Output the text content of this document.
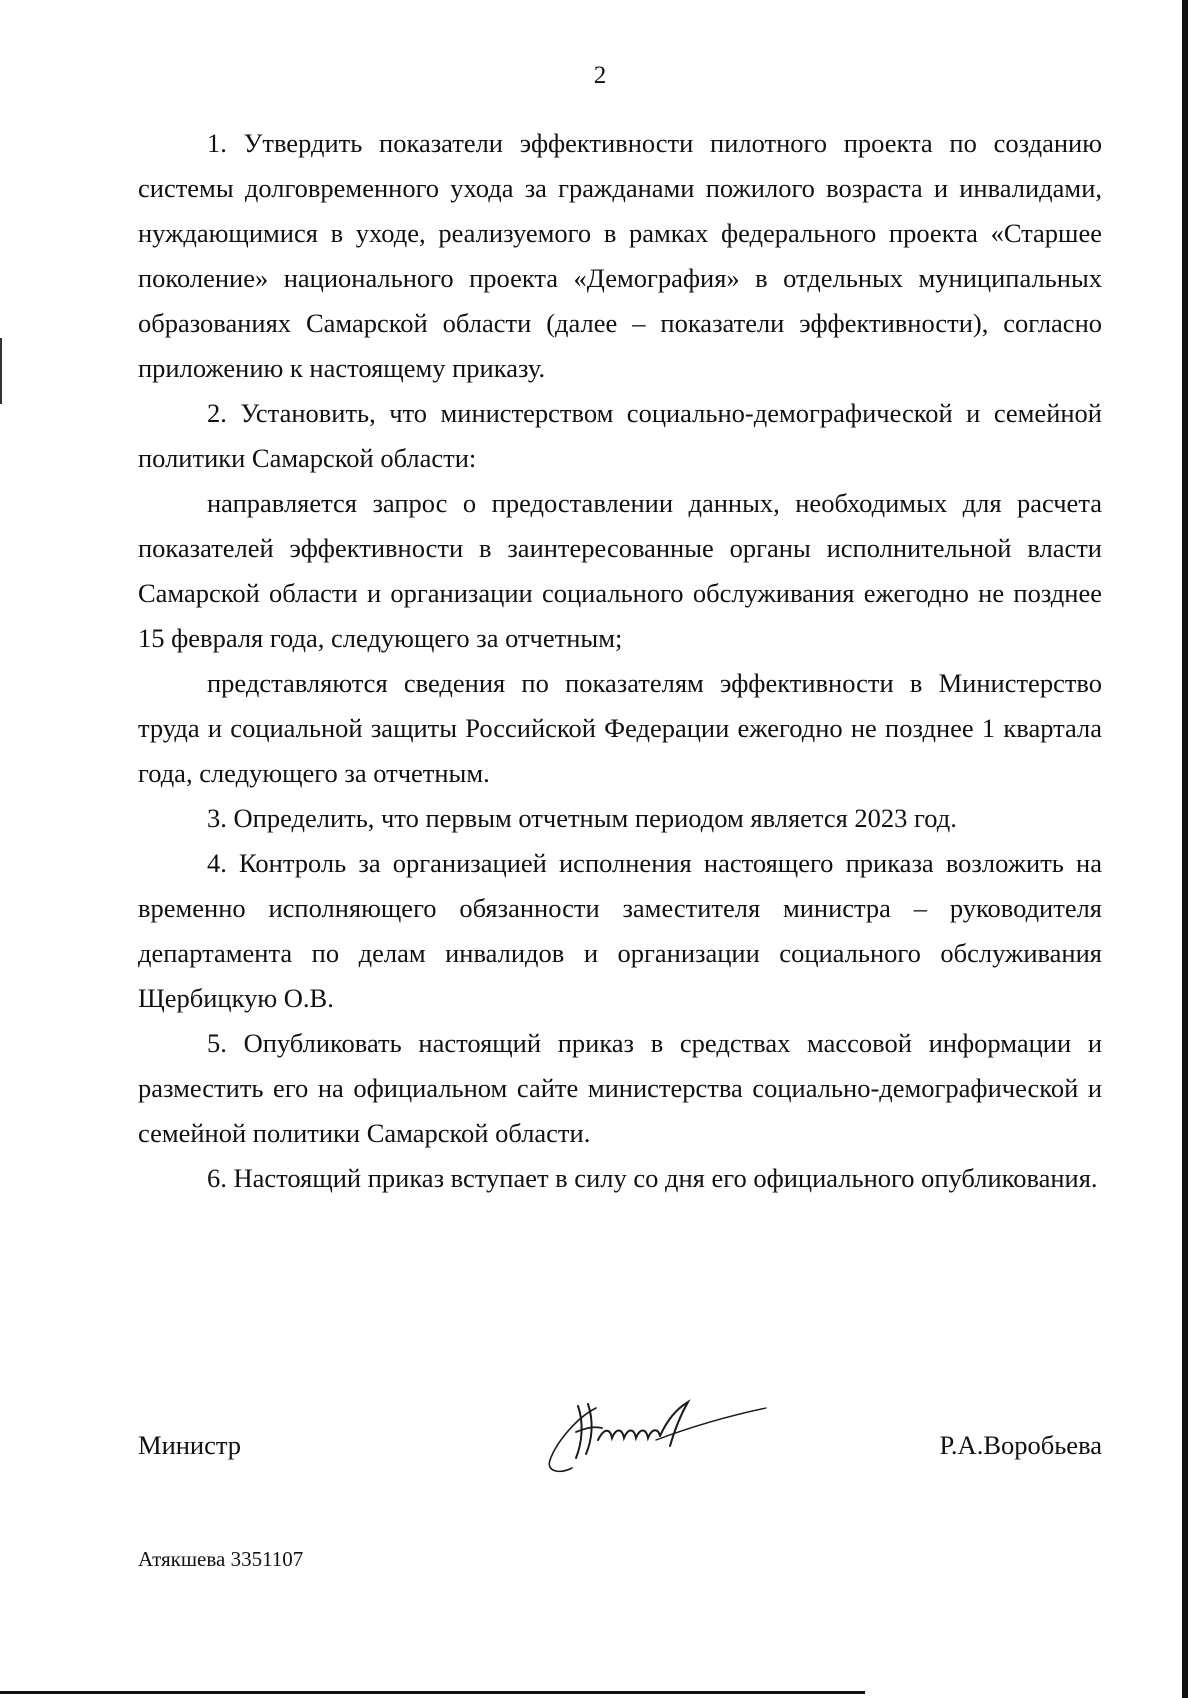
2

1. Утвердить показатели эффективности пилотного проекта по созданию системы долговременного ухода за гражданами пожилого возраста и инвалидами, нуждающимися в уходе, реализуемого в рамках федерального проекта «Старшее поколение» национального проекта «Демография» в отдельных муниципальных образованиях Самарской области (далее – показатели эффективности), согласно приложению к настоящему приказу.

2. Установить, что министерством социально-демографической и семейной политики Самарской области:

направляется запрос о предоставлении данных, необходимых для расчета показателей эффективности в заинтересованные органы исполнительной власти Самарской области и организации социального обслуживания ежегодно не позднее 15 февраля года, следующего за отчетным;

представляются сведения по показателям эффективности в Министерство труда и социальной защиты Российской Федерации ежегодно не позднее 1 квартала года, следующего за отчетным.

3. Определить, что первым отчетным периодом является 2023 год.

4. Контроль за организацией исполнения настоящего приказа возложить на временно исполняющего обязанности заместителя министра – руководителя департамента по делам инвалидов и организации социального обслуживания Щербицкую О.В.

5. Опубликовать настоящий приказ в средствах массовой информации и разместить его на официальном сайте министерства социально-демографической и семейной политики Самарской области.

6. Настоящий приказ вступает в силу со дня его официального опубликования.

Министр	Р.А.Воробьева
Атякшева 3351107
